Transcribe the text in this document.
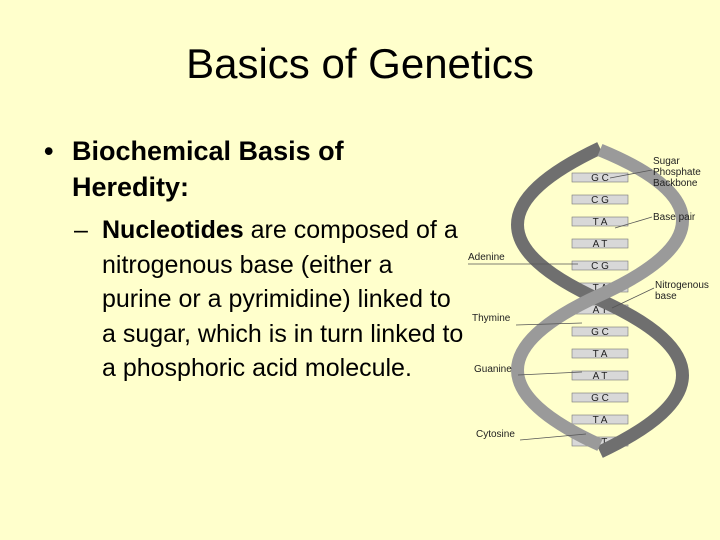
Basics of Genetics
• Biochemical Basis of Heredity:
– Nucleotides are composed of a nitrogenous base (either a purine or a pyrimidine) linked to a sugar, which is in turn linked to a phosphoric acid molecule.
G C
C G
T A
A T
C G
T A
A T
G C
T A
A T
G C
T A
A T
Sugar
Phosphate
Backbone
Base pair
Nitrogenous
base
Adenine
Thymine
Guanine
Cytosine
